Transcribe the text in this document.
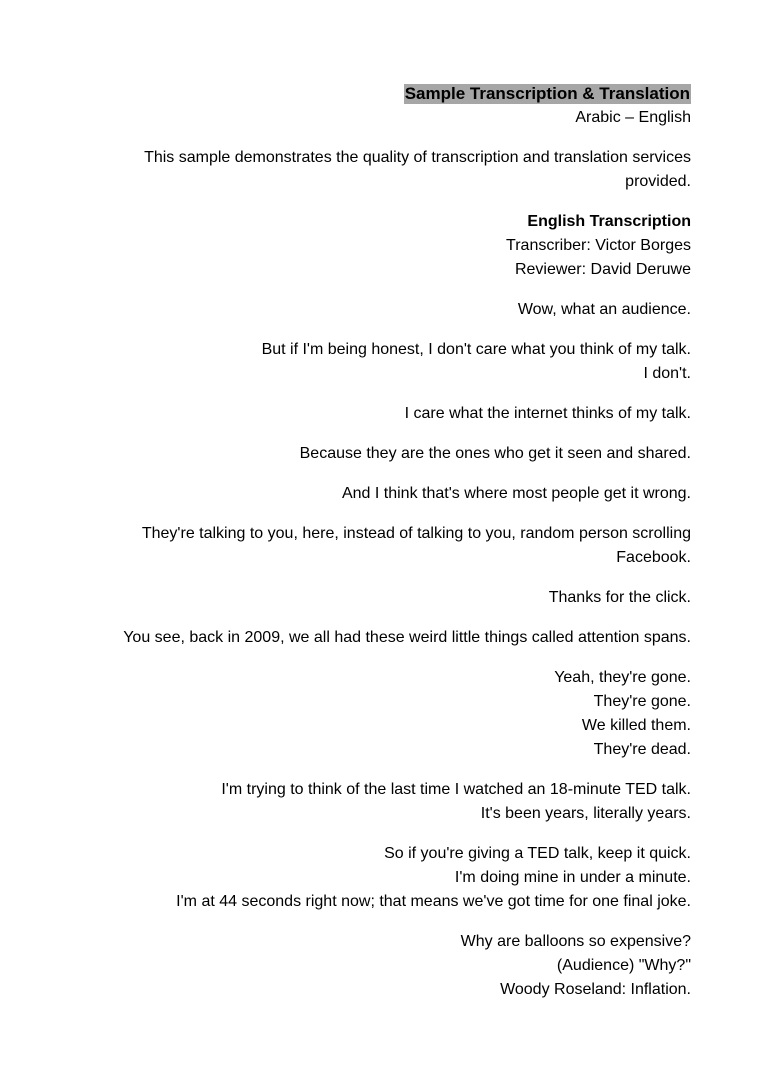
Sample Transcription & Translation

Arabic – English

This sample demonstrates the quality of transcription and translation services provided.

English Transcription

Transcriber: Victor Borges

Reviewer: David Deruwe

Wow, what an audience.

But if I'm being honest, I don't care what you think of my talk.

I don't.

I care what the internet thinks of my talk.

Because they are the ones who get it seen and shared.

And I think that's where most people get it wrong.

They're talking to you, here, instead of talking to you, random person scrolling Facebook.

Thanks for the click.

You see, back in 2009, we all had these weird little things called attention spans.

Yeah, they're gone.

They're gone.

We killed them.

They're dead.

I'm trying to think of the last time I watched an 18-minute TED talk.

It's been years, literally years.

So if you're giving a TED talk, keep it quick.

I'm doing mine in under a minute.

I'm at 44 seconds right now; that means we've got time for one final joke.

Why are balloons so expensive?

(Audience) "Why?"

Woody Roseland: Inflation.
